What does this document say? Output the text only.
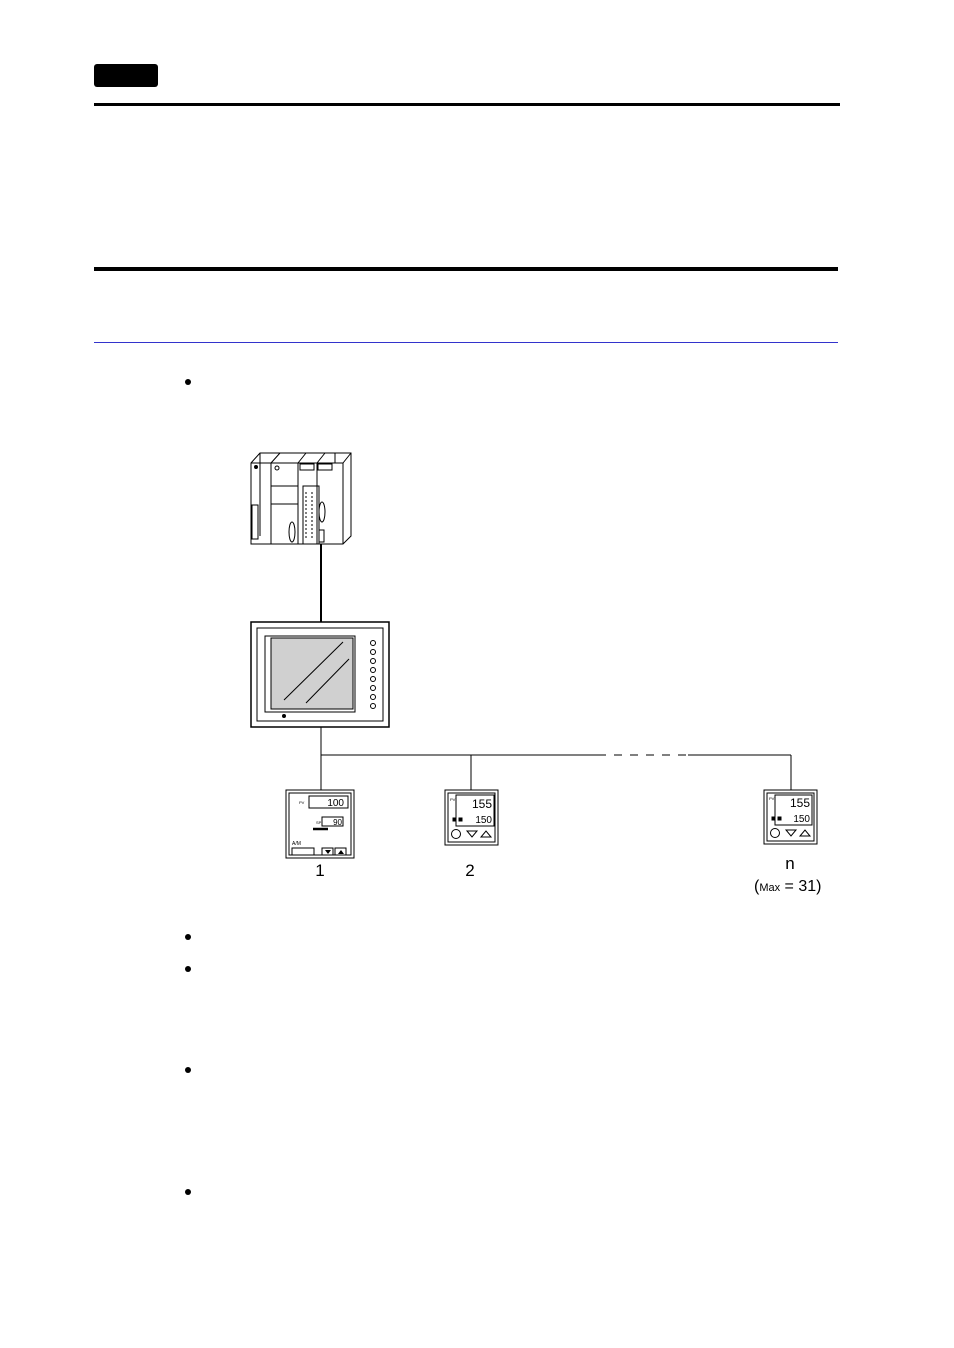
PV 100
SP 90
A/M
PV 155
150
PV 155
150
1	2	n
(Max = 31)
